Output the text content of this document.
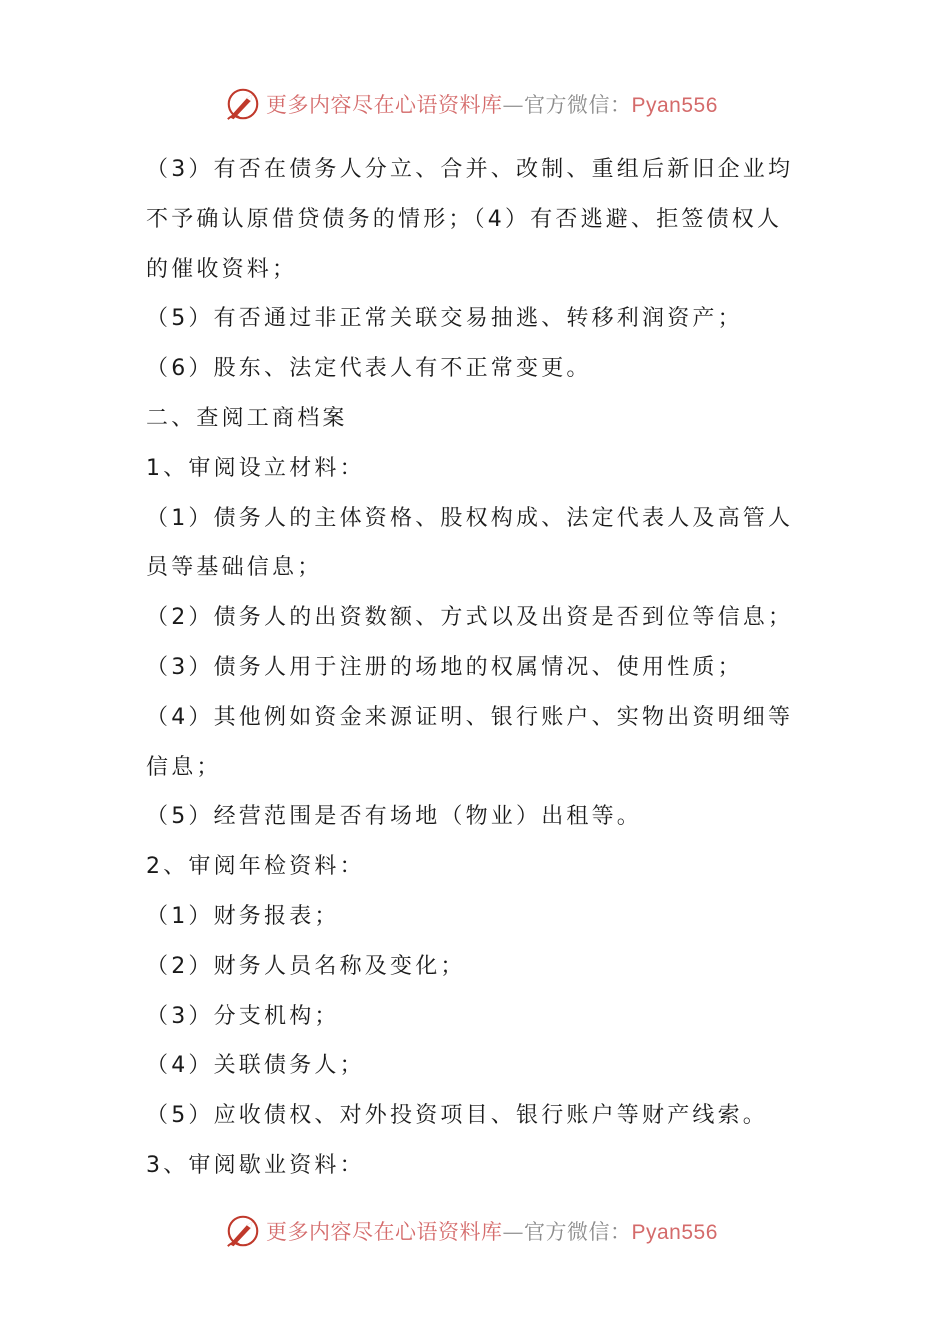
更多内容尽在心语资料库—官方微信：Pyan556
（3）有否在债务人分立、合并、改制、重组后新旧企业均
不予确认原借贷债务的情形；（4）有否逃避、拒签债权人
的催收资料；
（5）有否通过非正常关联交易抽逃、转移利润资产；
（6）股东、法定代表人有不正常变更。
二、查阅工商档案
1、审阅设立材料：
（1）债务人的主体资格、股权构成、法定代表人及高管人
员等基础信息；
（2）债务人的出资数额、方式以及出资是否到位等信息；
（3）债务人用于注册的场地的权属情况、使用性质；
（4）其他例如资金来源证明、银行账户、实物出资明细等
信息；
（5）经营范围是否有场地（物业）出租等。
2、审阅年检资料：
（1）财务报表；
（2）财务人员名称及变化；
（3）分支机构；
（4）关联债务人；
（5）应收债权、对外投资项目、银行账户等财产线索。
3、审阅歇业资料：
更多内容尽在心语资料库—官方微信：Pyan556
